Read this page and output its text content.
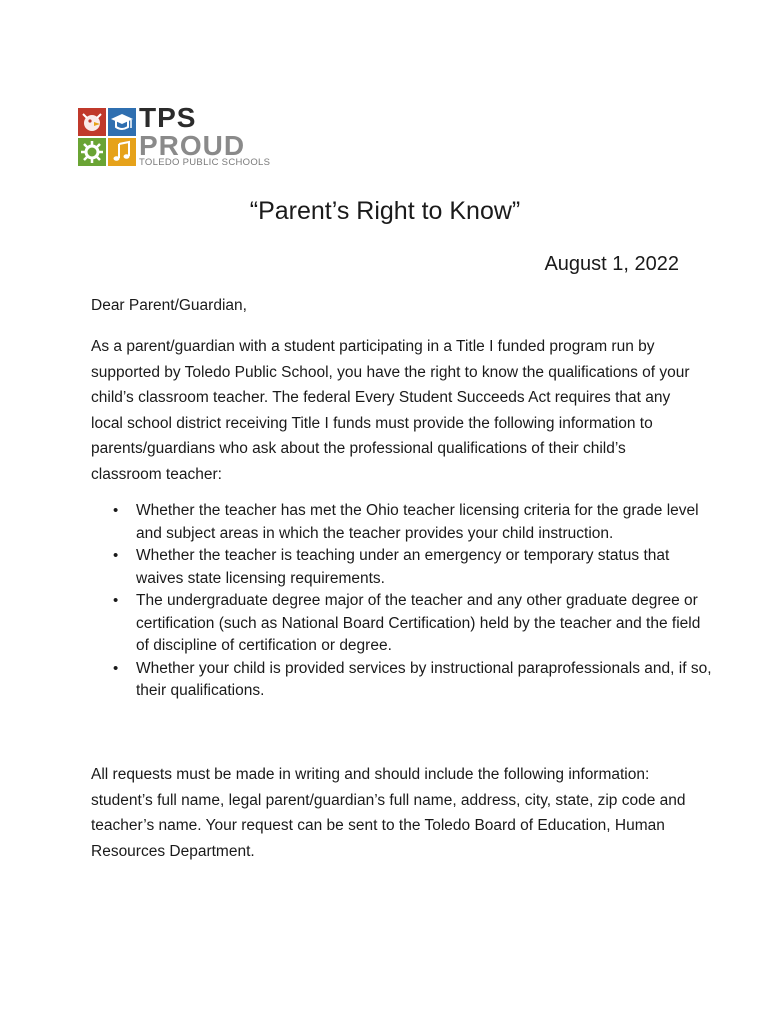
TPS
PROUD
TOLEDO PUBLIC SCHOOLS
“Parent’s Right to Know”
August 1, 2022
Dear Parent/Guardian,

As a parent/guardian with a student participating in a Title I funded program run by supported by Toledo Public School, you have the right to know the qualifications of your child’s classroom teacher. The federal Every Student Succeeds Act requires that any local school district receiving Title I funds must provide the following information to parents/guardians who ask about the professional qualifications of their child’s classroom teacher:

• Whether the teacher has met the Ohio teacher licensing criteria for the grade level and subject areas in which the teacher provides your child instruction.
• Whether the teacher is teaching under an emergency or temporary status that waives state licensing requirements.
• The undergraduate degree major of the teacher and any other graduate degree or certification (such as National Board Certification) held by the teacher and the field of discipline of certification or degree.
• Whether your child is provided services by instructional paraprofessionals and, if so, their qualifications.

All requests must be made in writing and should include the following information: student’s full name, legal parent/guardian’s full name, address, city, state, zip code and teacher’s name. Your request can be sent to the Toledo Board of Education, Human Resources Department.
